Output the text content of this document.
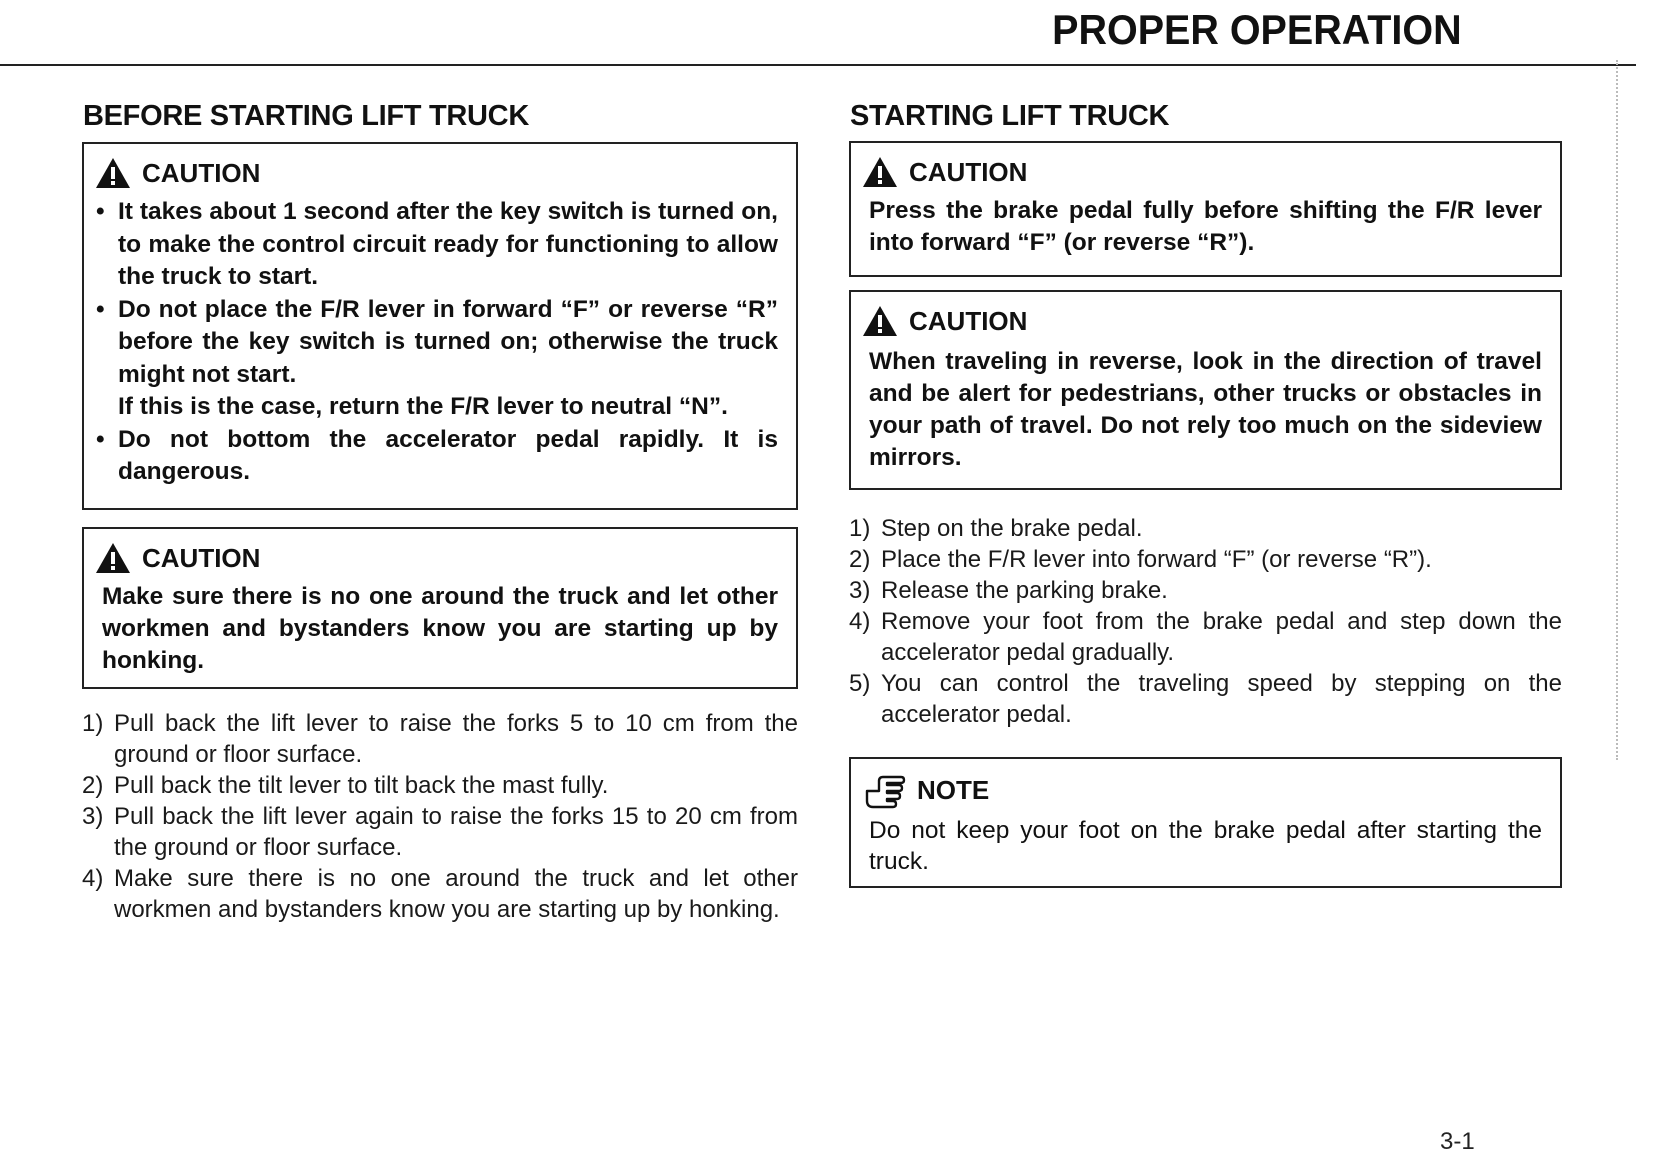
PROPER OPERATION
BEFORE STARTING LIFT TRUCK
CAUTION
• It takes about 1 second after the key switch is turned on, to make the control circuit ready for functioning to allow the truck to start.
• Do not place the F/R lever in forward “F” or reverse “R” before the key switch is turned on; otherwise the truck might not start.
If this is the case, return the F/R lever to neutral “N”.
• Do not bottom the accelerator pedal rapidly. It is dangerous.
CAUTION
Make sure there is no one around the truck and let other workmen and bystanders know you are starting up by honking.
1) Pull back the lift lever to raise the forks 5 to 10 cm from the ground or floor surface.
2) Pull back the tilt lever to tilt back the mast fully.
3) Pull back the lift lever again to raise the forks 15 to 20 cm from the ground or floor surface.
4) Make sure there is no one around the truck and let other workmen and bystanders know you are starting up by honking.
STARTING LIFT TRUCK
CAUTION
Press the brake pedal fully before shifting the F/R lever into forward “F” (or reverse “R”).
CAUTION
When traveling in reverse, look in the direction of travel and be alert for pedestrians, other trucks or obstacles in your path of travel. Do not rely too much on the sideview mirrors.
1) Step on the brake pedal.
2) Place the F/R lever into forward “F” (or reverse “R”).
3) Release the parking brake.
4) Remove your foot from the brake pedal and step down the accelerator pedal gradually.
5) You can control the traveling speed by stepping on the accelerator pedal.
NOTE
Do not keep your foot on the brake pedal after starting the truck.
3-1
